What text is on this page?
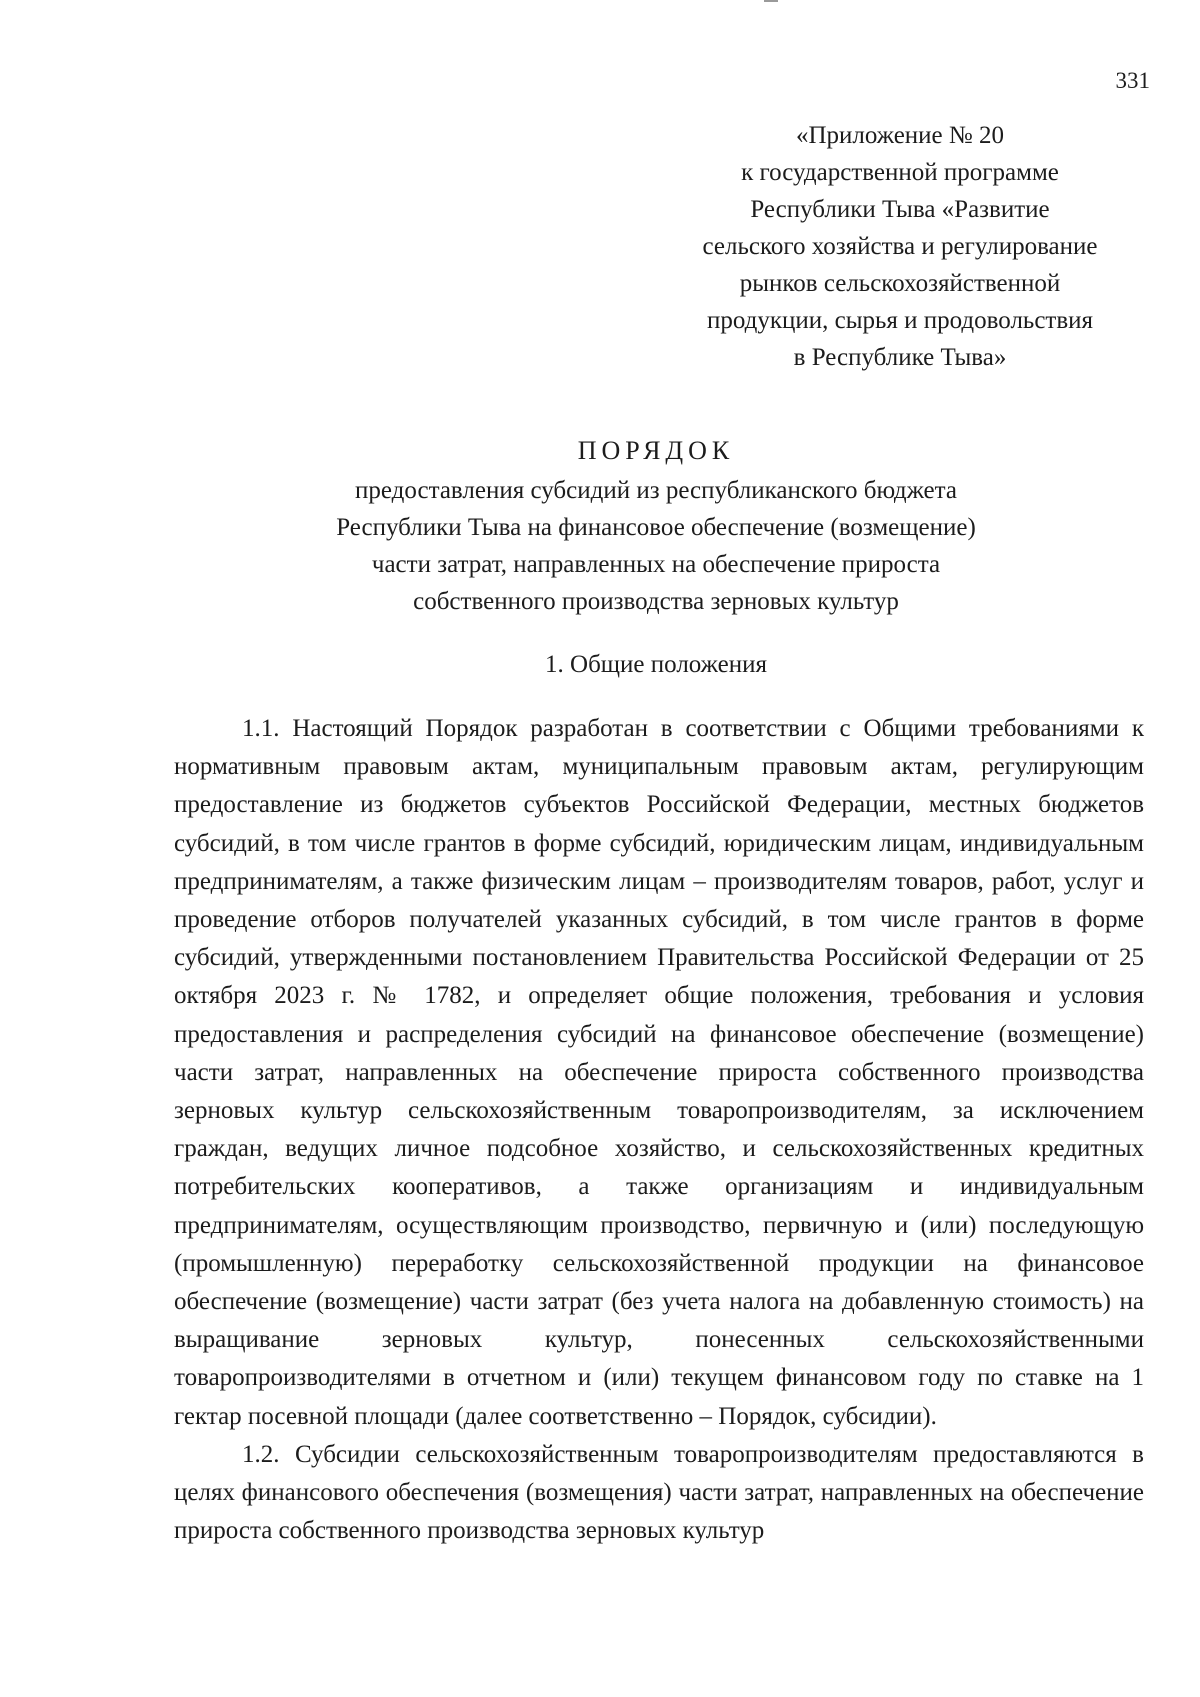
331
«Приложение № 20
к государственной программе
Республики Тыва «Развитие
сельского хозяйства и регулирование
рынков сельскохозяйственной
продукции, сырья и продовольствия
в Республике Тыва»
ПОРЯДОК
предоставления субсидий из республиканского бюджета
Республики Тыва на финансовое обеспечение (возмещение)
части затрат, направленных на обеспечение прироста
собственного производства зерновых культур
1. Общие положения

1.1. Настоящий Порядок разработан в соответствии с Общими требованиями к нормативным правовым актам, муниципальным правовым актам, регулирующим предоставление из бюджетов субъектов Российской Федерации, местных бюджетов субсидий, в том числе грантов в форме субсидий, юридическим лицам, индивидуальным предпринимателям, а также физическим лицам – производителям товаров, работ, услуг и проведение отборов получателей указанных субсидий, в том числе грантов в форме субсидий, утвержденными постановлением Правительства Российской Федерации от 25 октября 2023 г. № 1782, и определяет общие положения, требования и условия предоставления и распределения субсидий на финансовое обеспечение (возмещение) части затрат, направленных на обеспечение прироста собственного производства зерновых культур сельскохозяйственным товаропроизводителям, за исключением граждан, ведущих личное подсобное хозяйство, и сельскохозяйственных кредитных потребительских кооперативов, а также организациям и индивидуальным предпринимателям, осуществляющим производство, первичную и (или) последующую (промышленную) переработку сельскохозяйственной продукции на финансовое обеспечение (возмещение) части затрат (без учета налога на добавленную стоимость) на выращивание зерновых культур, понесенных сельскохозяйственными товаропроизводителями в отчетном и (или) текущем финансовом году по ставке на 1 гектар посевной площади (далее соответственно – Порядок, субсидии).

1.2. Субсидии сельскохозяйственным товаропроизводителям предоставляются в целях финансового обеспечения (возмещения) части затрат, направленных на обеспечение прироста собственного производства зерновых культур
